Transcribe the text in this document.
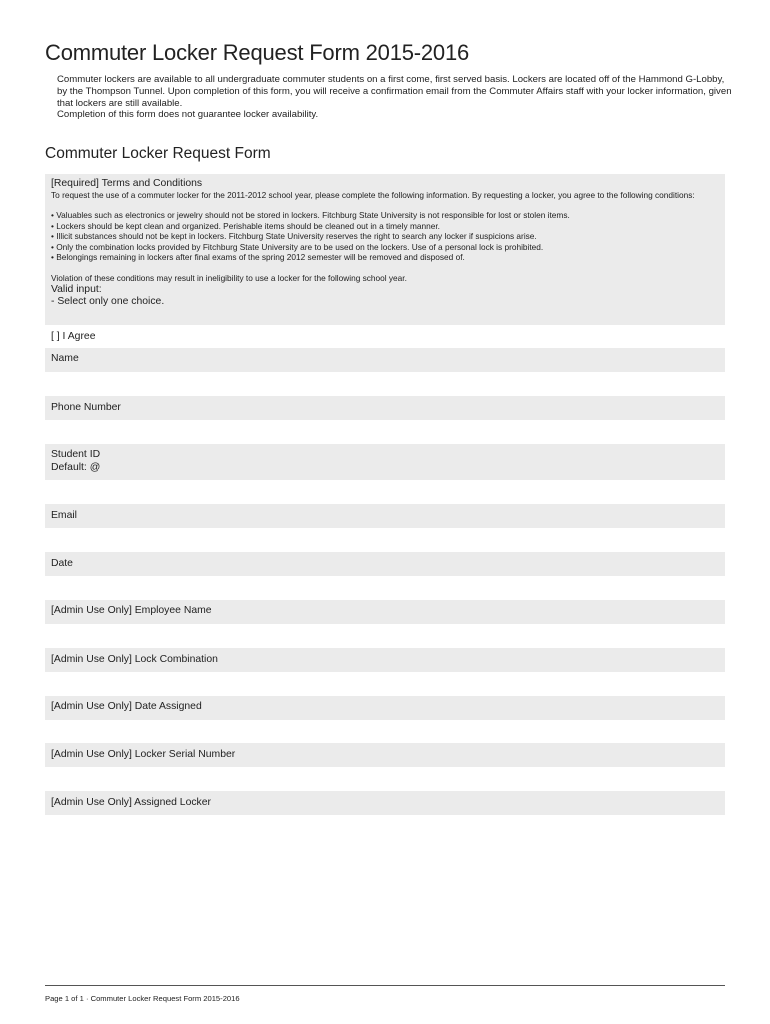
Commuter Locker Request Form 2015-2016

Commuter lockers are available to all undergraduate commuter students on a first come, first served basis. Lockers are located off of the Hammond G-Lobby, by the Thompson Tunnel. Upon completion of this form, you will receive a confirmation email from the Commuter Affairs staff with your locker information, given that lockers are still available.

Completion of this form does not guarantee locker availability.

Commuter Locker Request Form
[Required] Terms and Conditions
To request the use of a commuter locker for the 2011-2012 school year, please complete the following information. By requesting a locker, you agree to the following conditions:
• Valuables such as electronics or jewelry should not be stored in lockers. Fitchburg State University is not responsible for lost or stolen items.
• Lockers should be kept clean and organized. Perishable items should be cleaned out in a timely manner.
• Illicit substances should not be kept in lockers. Fitchburg State University reserves the right to search any locker if suspicions arise.
• Only the combination locks provided by Fitchburg State University are to be used on the lockers. Use of a personal lock is prohibited.
• Belongings remaining in lockers after final exams of the spring 2012 semester will be removed and disposed of.
Violation of these conditions may result in ineligibility to use a locker for the following school year.
Valid input:
- Select only one choice.
[ ] I Agree
Name
Phone Number
Student ID
Default: @
Email
Date
[Admin Use Only] Employee Name
[Admin Use Only] Lock Combination
[Admin Use Only] Date Assigned
[Admin Use Only] Locker Serial Number
[Admin Use Only] Assigned Locker
Page 1 of 1 · Commuter Locker Request Form 2015-2016
